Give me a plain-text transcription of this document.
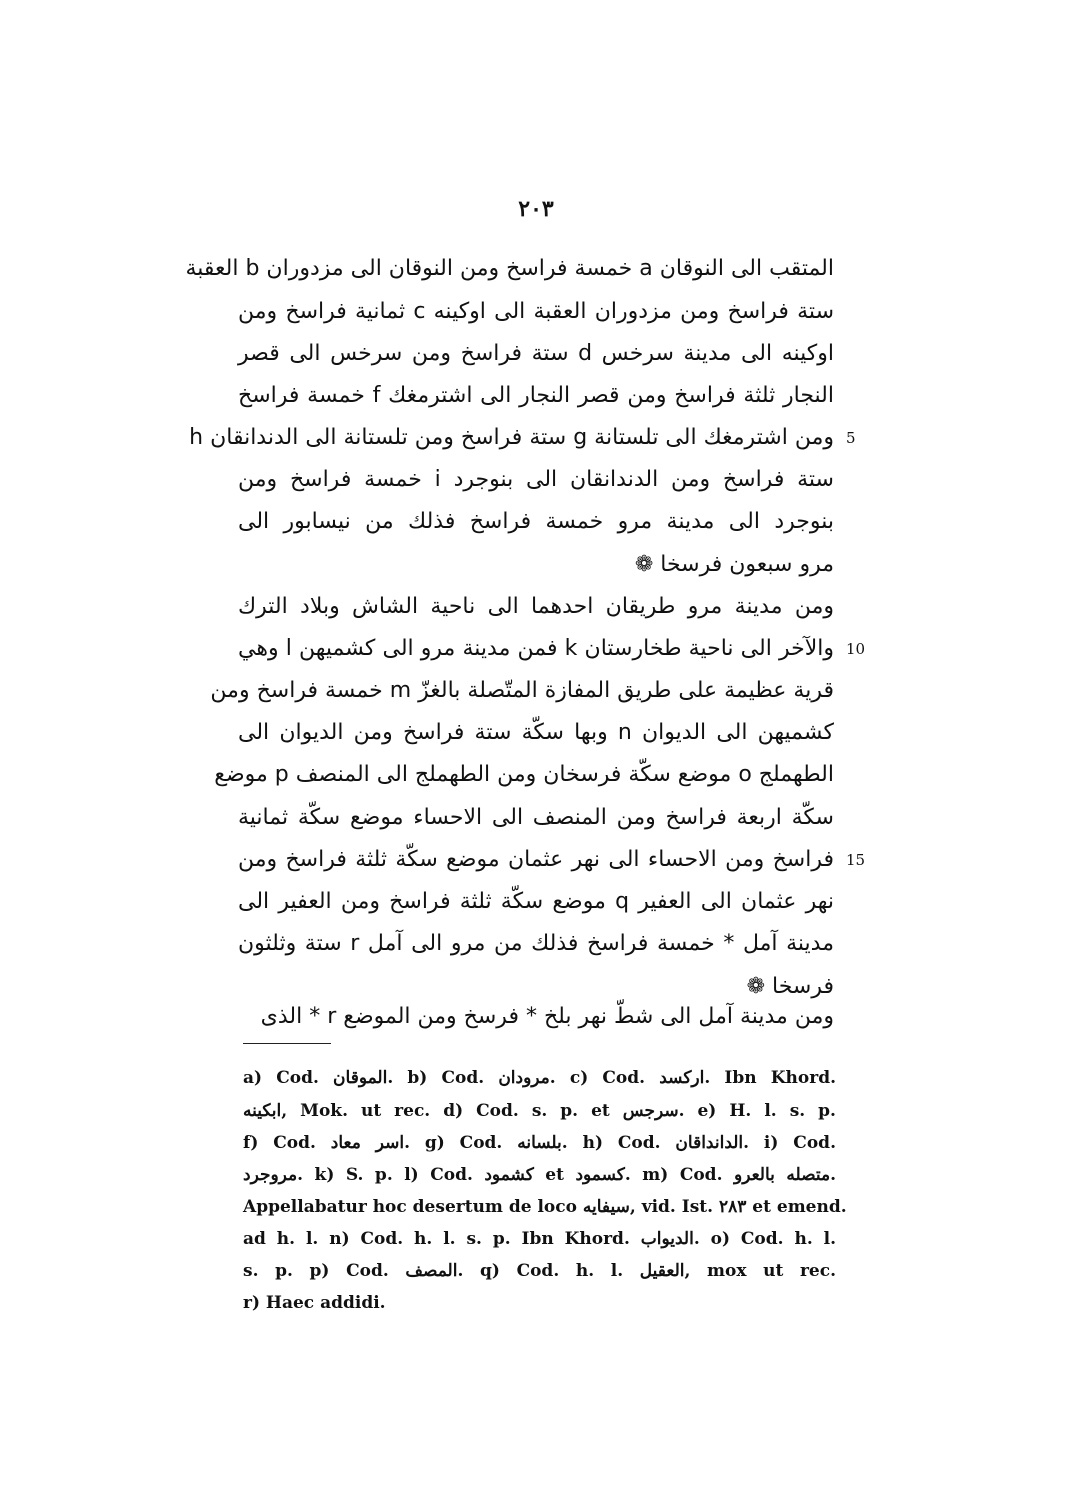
٢٠٣
المتقب الى النوقان a خمسة فراسخ ومن النوقان الى مزدوران b العقبة
ستة فراسخ ومن مزدوران العقبة الى اوكينه c ثمانية فراسخ ومن
اوكينه الى مدينة سرخس d ستة فراسخ ومن سرخس الى قصر
النجار ثلثة فراسخ ومن قصر النجار الى اشترمغك f خمسة فراسخ
ومن اشترمغك الى تلستانة g ستة فراسخ ومن تلستانة الى الدندانقان h 5
ستة فراسخ ومن الدندانقان الى بنوجرد i خمسة فراسخ ومن
بنوجرد الى مدينة مرو خمسة فراسخ فذلك من نيسابور الى
مرو سبعون فرسخا ❁
ومن مدينة مرو طريقان احدهما الى ناحية الشاش وبلاد الترك
والآخر الى ناحية طخارستان k فمن مدينة مرو الى كشميهن l وهي 10
قرية عظيمة على طريق المفازة المتّصلة بالغزّ m خمسة فراسخ ومن
كشميهن الى الديوان n وبها سكّة ستة فراسخ ومن الديوان الى
الطهملج o موضع سكّة فرسخان ومن الطهملج الى المنصف p موضع
سكّة اربعة فراسخ ومن المنصف الى الاحساء موضع سكّة ثمانية
فراسخ ومن الاحساء الى نهر عثمان موضع سكّة ثلثة فراسخ ومن 15
نهر عثمان الى العفير q موضع سكّة ثلثة فراسخ ومن العفير الى
مدينة آمل * خمسة فراسخ فذلك من مرو الى آمل r ستة وثلثون
فرسخا ❁
ومن مدينة آمل الى شطّ نهر بلخ * فرسخ ومن الموضع r * الذى
a) Cod. الموقان. b) Cod. مرودان. c) Cod. اركسد. Ibn Khord.
ابكينه, Mok. ut rec. d) Cod. s. p. et سرجس. e) H. l. s. p.
f) Cod. اسر معاد. g) Cod. بلسانه. h) Cod. الدانداقان. i) Cod.
مروجرد. k) S. p. l) Cod. كشمود et كسمود. m) Cod. متصله بالعرو.
Appellabatur hoc desertum de loco سيفايه, vid. Ist. ٢٨٣ et emend.
ad h. l. n) Cod. h. l. s. p. Ibn Khord. الديواب. o) Cod. h. l.
s. p. p) Cod. المصف. q) Cod. h. l. العقيل, mox ut rec.
r) Haec addidi.
